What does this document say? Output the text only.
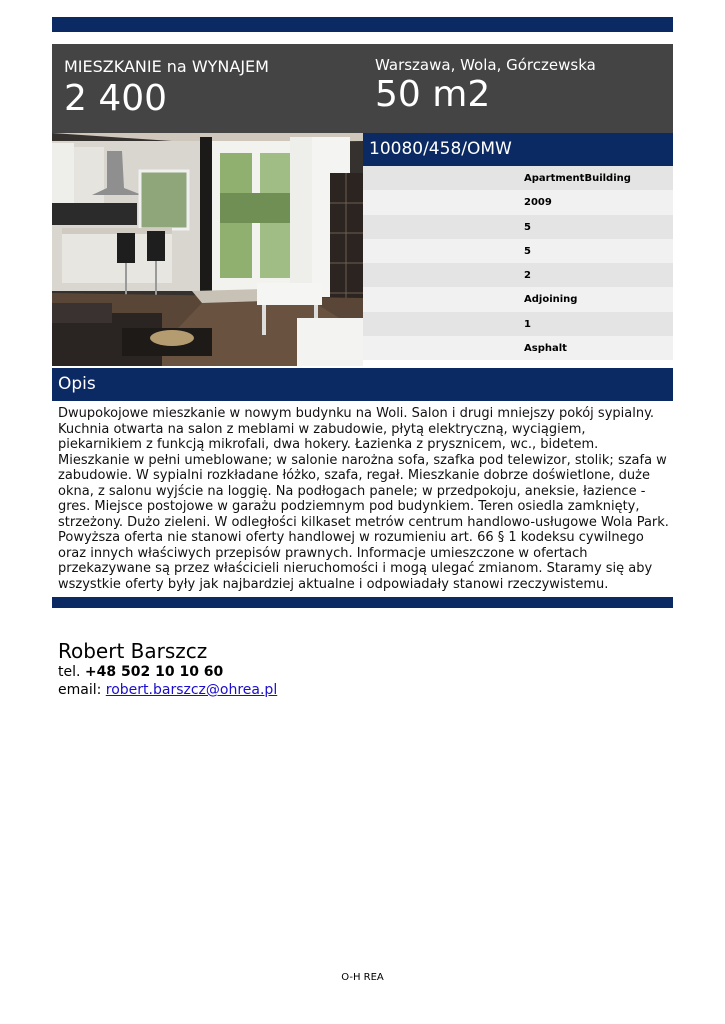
MIESZKANIE na WYNAJEM
2 400
Warszawa, Wola, Górczewska
50 m2
10080/458/OMW
ApartmentBuilding
2009
5
5
2
Adjoining
1
Asphalt
Opis

Dwupokojowe mieszkanie w nowym budynku na Woli. Salon i drugi mniejszy pokój sypialny. Kuchnia otwarta na salon z meblami w zabudowie, płytą elektryczną, wyciągiem, piekarnikiem z funkcją mikrofali, dwa hokery. Łazienka z prysznicem, wc., bidetem. Mieszkanie w pełni umeblowane; w salonie narożna sofa, szafka pod telewizor, stolik; szafa w zabudowie. W sypialni rozkładane łóżko, szafa, regał. Mieszkanie dobrze doświetlone, duże okna, z salonu wyjście na loggię. Na podłogach panele; w przedpokoju, aneksie, łazience - gres. Miejsce postojowe w garażu podziemnym pod budynkiem. Teren osiedla zamknięty, strzeżony. Dużo zieleni. W odległości kilkaset metrów centrum handlowo-usługowe Wola Park.

Powyższa oferta nie stanowi oferty handlowej w rozumieniu art. 66 § 1 kodeksu cywilnego oraz innych właściwych przepisów prawnych. Informacje umieszczone w ofertach przekazywane są przez właścicieli nieruchomości i mogą ulegać zmianom. Staramy się aby wszystkie oferty były jak najbardziej aktualne i odpowiadały stanowi rzeczywistemu.

Robert Barszcz
tel. +48 502 10 10 60
email: robert.barszcz@ohrea.pl
O-H REA
